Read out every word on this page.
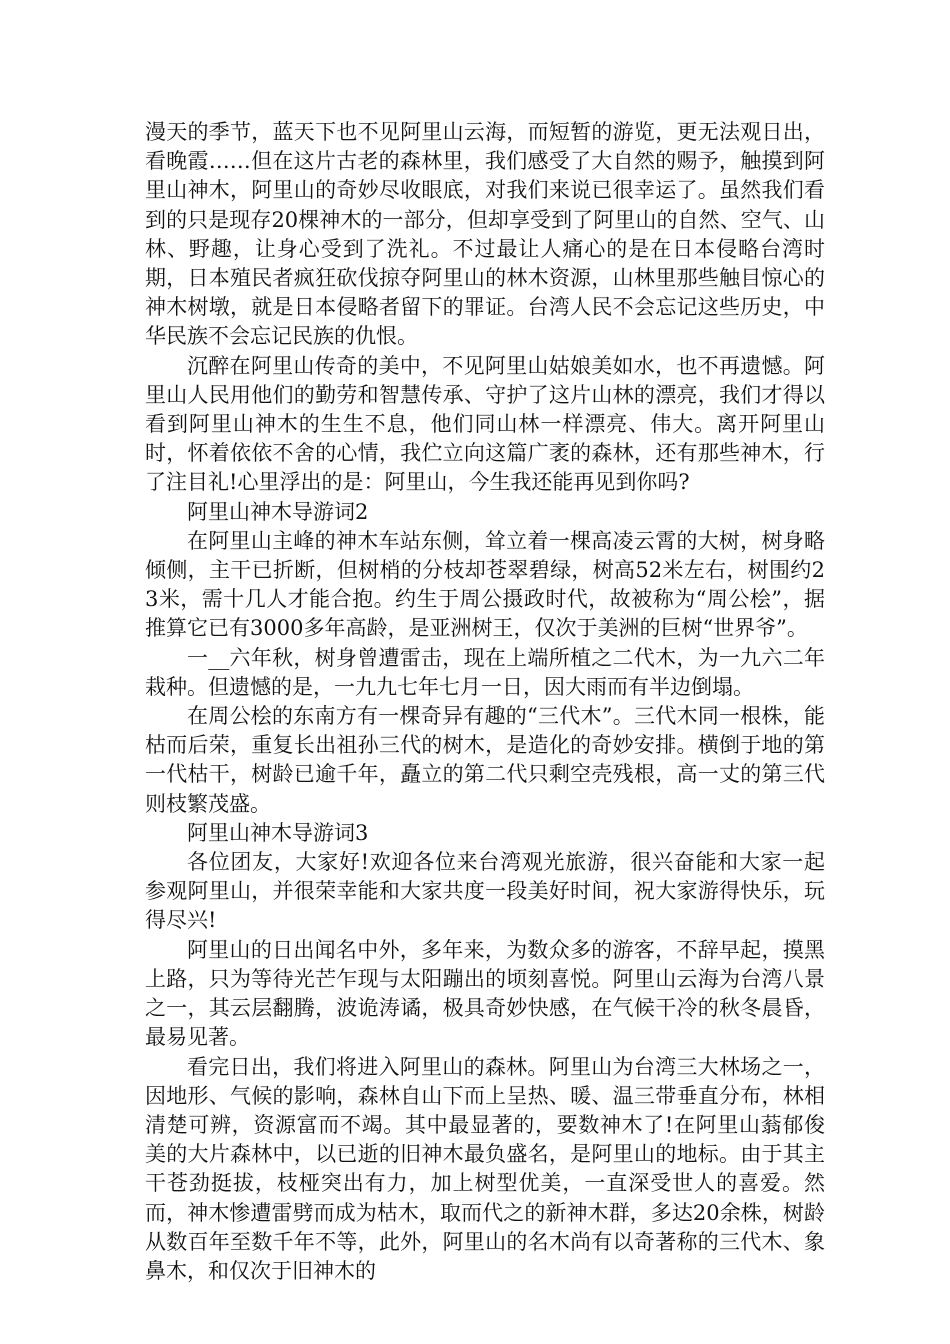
漫天的季节，蓝天下也不见阿里山云海，而短暂的游览，更无法观日出，看晚霞……但在这片古老的森林里，我们感受了大自然的赐予，触摸到阿里山神木，阿里山的奇妙尽收眼底，对我们来说已很幸运了。虽然我们看到的只是现存20棵神木的一部分，但却享受到了阿里山的自然、空气、山林、野趣，让身心受到了洗礼。不过最让人痛心的是在日本侵略台湾时期，日本殖民者疯狂砍伐掠夺阿里山的林木资源，山林里那些触目惊心的神木树墩，就是日本侵略者留下的罪证。台湾人民不会忘记这些历史，中华民族不会忘记民族的仇恨。

沉醉在阿里山传奇的美中，不见阿里山姑娘美如水，也不再遗憾。阿里山人民用他们的勤劳和智慧传承、守护了这片山林的漂亮，我们才得以看到阿里山神木的生生不息，他们同山林一样漂亮、伟大。离开阿里山时，怀着依依不舍的心情，我伫立向这篇广袤的森林，还有那些神木，行了注目礼!心里浮出的是：阿里山，今生我还能再见到你吗?

阿里山神木导游词2

在阿里山主峰的神木车站东侧，耸立着一棵高凌云霄的大树，树身略倾侧，主干已折断，但树梢的分枝却苍翠碧绿，树高52米左右，树围约23米，需十几人才能合抱。约生于周公摄政时代，故被称为“周公桧”，据推算它已有3000多年高龄，是亚洲树王，仅次于美洲的巨树“世界爷”。

一__六年秋，树身曾遭雷击，现在上端所植之二代木，为一九六二年栽种。但遗憾的是，一九九七年七月一日，因大雨而有半边倒塌。

在周公桧的东南方有一棵奇异有趣的“三代木”。三代木同一根株，能枯而后荣，重复长出祖孙三代的树木，是造化的奇妙安排。横倒于地的第一代枯干，树龄已逾千年，矗立的第二代只剩空壳残根，高一丈的第三代则枝繁茂盛。

阿里山神木导游词3

各位团友，大家好!欢迎各位来台湾观光旅游，很兴奋能和大家一起参观阿里山，并很荣幸能和大家共度一段美好时间，祝大家游得快乐，玩得尽兴!

阿里山的日出闻名中外，多年来，为数众多的游客，不辞早起，摸黑上路，只为等待光芒乍现与太阳蹦出的顷刻喜悦。阿里山云海为台湾八景之一，其云层翻腾，波诡涛谲，极具奇妙快感，在气候干冷的秋冬晨昏，最易见著。

看完日出，我们将进入阿里山的森林。阿里山为台湾三大林场之一，因地形、气候的影响，森林自山下而上呈热、暖、温三带垂直分布，林相清楚可辨，资源富而不竭。其中最显著的，要数神木了!在阿里山蓊郁俊美的大片森林中，以已逝的旧神木最负盛名，是阿里山的地标。由于其主干苍劲挺拔，枝桠突出有力，加上树型优美，一直深受世人的喜爱。然而，神木惨遭雷劈而成为枯木，取而代之的新神木群，多达20余株，树龄从数百年至数千年不等，此外，阿里山的名木尚有以奇著称的三代木、象鼻木，和仅次于旧神木的
